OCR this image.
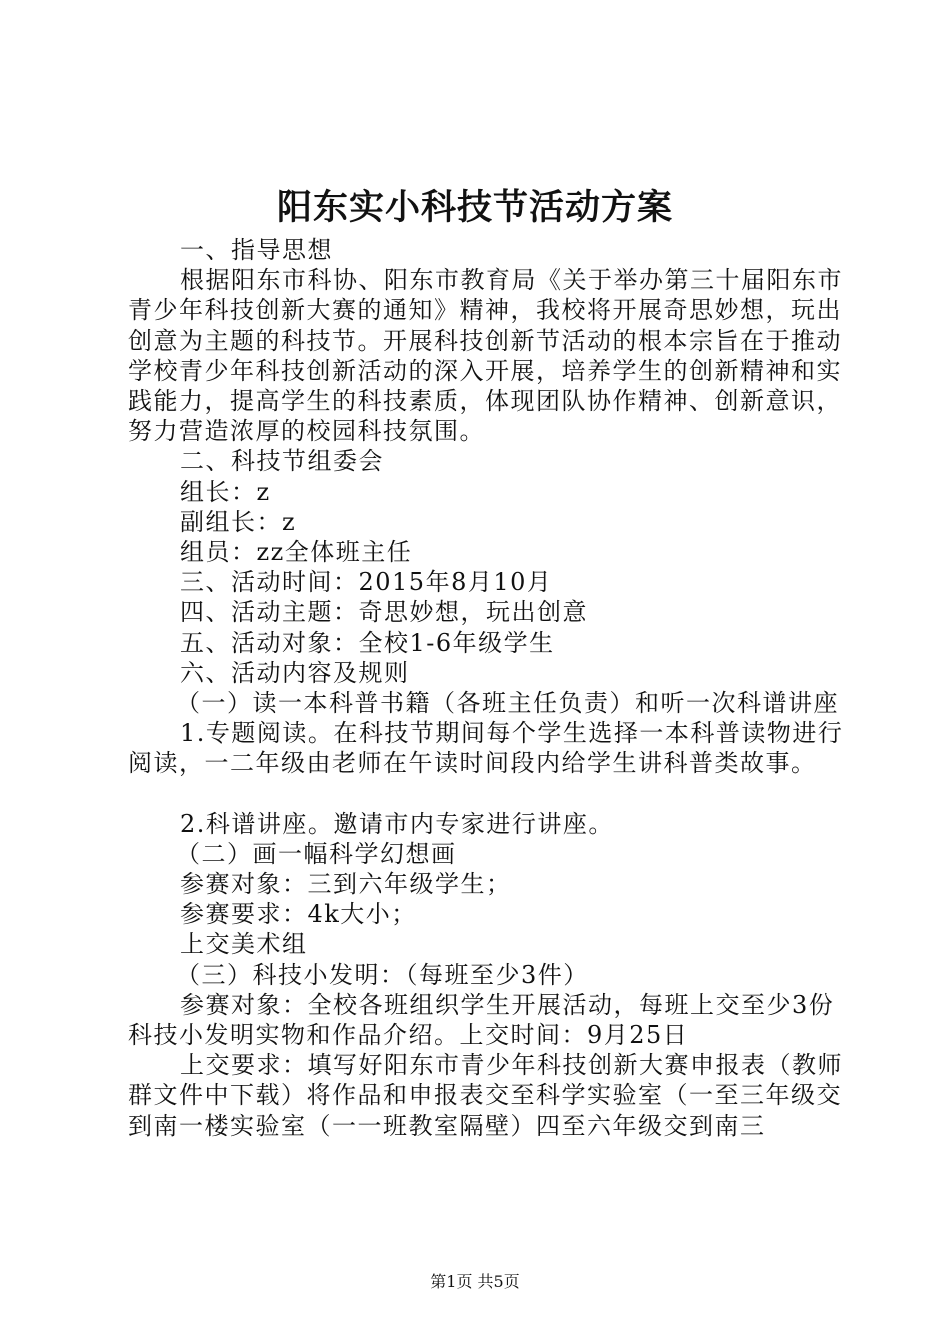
阳东实小科技节活动方案

一、指导思想

根据阳东市科协、阳东市教育局《关于举办第三十届阳东市青少年科技创新大赛的通知》精神，我校将开展奇思妙想，玩出创意为主题的科技节。开展科技创新节活动的根本宗旨在于推动学校青少年科技创新活动的深入开展，培养学生的创新精神和实践能力，提高学生的科技素质，体现团队协作精神、创新意识，努力营造浓厚的校园科技氛围。

二、科技节组委会

组长：z

副组长：z

组员：zz全体班主任

三、活动时间：2015年8月10月

四、活动主题：奇思妙想，玩出创意

五、活动对象：全校1-6年级学生

六、活动内容及规则

（一）读一本科普书籍（各班主任负责）和听一次科谱讲座

1.专题阅读。在科技节期间每个学生选择一本科普读物进行阅读，一二年级由老师在午读时间段内给学生讲科普类故事。

2.科谱讲座。邀请市内专家进行讲座。

（二）画一幅科学幻想画

参赛对象：三到六年级学生；

参赛要求：4k大小；

上交美术组

（三）科技小发明：（每班至少3件）

参赛对象：全校各班组织学生开展活动，每班上交至少3份科技小发明实物和作品介绍。上交时间：9月25日

上交要求：填写好阳东市青少年科技创新大赛申报表（教师群文件中下载）将作品和申报表交至科学实验室（一至三年级交到南一楼实验室（一一班教室隔壁）四至六年级交到南三

第1页 共5页
